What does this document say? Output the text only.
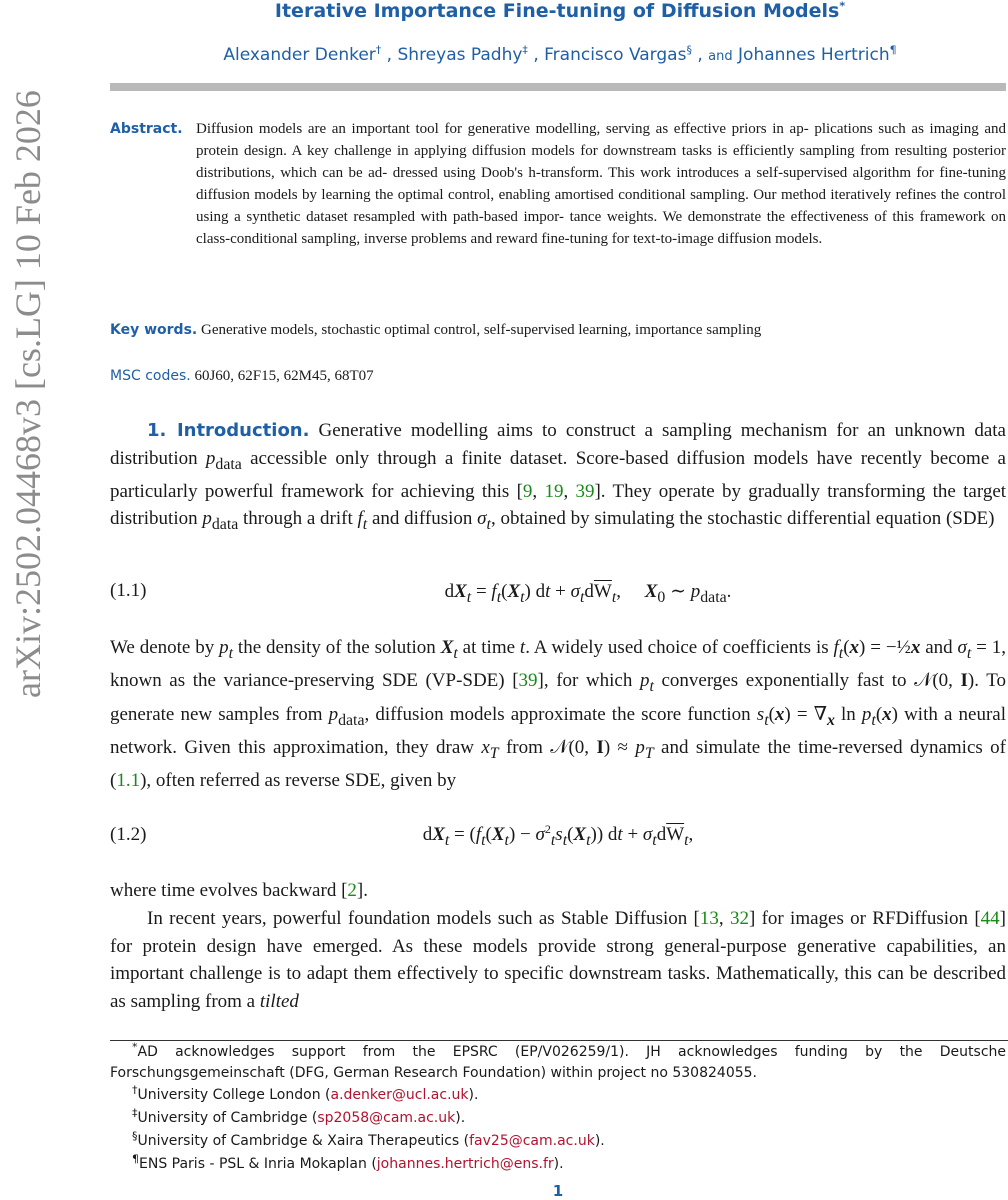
Iterative Importance Fine-tuning of Diffusion Models*
Alexander Denker† , Shreyas Padhy‡ , Francisco Vargas§ , and Johannes Hertrich¶
arXiv:2502.04468v3 [cs.LG] 10 Feb 2026	Abstract. Diffusion models are an important tool for generative modelling, serving as effective priors in ap- plications such as imaging and protein design. A key challenge in applying diffusion models for downstream tasks is efficiently sampling from resulting posterior distributions, which can be ad- dressed using Doob's h-transform. This work introduces a self-supervised algorithm for fine-tuning diffusion models by learning the optimal control, enabling amortised conditional sampling. Our method iteratively refines the control using a synthetic dataset resampled with path-based impor- tance weights. We demonstrate the effectiveness of this framework on class-conditional sampling, inverse problems and reward fine-tuning for text-to-image diffusion models.
Key words. Generative models, stochastic optimal control, self-supervised learning, importance sampling
MSC codes. 60J60, 62F15, 62M45, 68T07
1. Introduction. Generative modelling aims to construct a sampling mechanism for an unknown data distribution $p_{data}$ accessible only through a finite dataset. Score-based diffusion models have recently become a particularly powerful framework for achieving this [9, 19, 39]. They operate by gradually transforming the target distribution $p_{data}$ through a drift $f_t$ and diffusion $\sigma_t$, obtained by simulating the stochastic differential equation (SDE)
(1.1)	$dX_t = f_t(X_t)$ dt + $\sigma_td\overline{W}_t$,     $X_0$ ∼ $p_{data}$.
We denote by $p_t$ the density of the solution $X_t$ at time t. A widely used choice of coefficients is $f_t(x)$ = −½x and $\sigma_t = 1$, known as the variance-preserving SDE (VP-SDE) [39], for which $p_t$ converges exponentially fast to 𝒩(0, I). To generate new samples from $p_{data}$, diffusion models approximate the score function $s_t(x) = \nabla_x$ $\ln p_t(x)$ with a neural network. Given this approximation, they draw $x_T$ from 𝒩(0, $I) \approx p_T$ and simulate the time-reversed dynamics of (1.1), often referred as reverse SDE, given by
(1.2)	$dX_t = (f_t(X_t) - \sigma^2_ts_t(X_t))$ dt + $\sigma_td\overline{W}_t$,
where time evolves backward [2].
In recent years, powerful foundation models such as Stable Diffusion [13, 32] for images or RFDiffusion [44] for protein design have emerged. As these models provide strong general-purpose generative capabilities, an important challenge is to adapt them effectively to specific downstream tasks. Mathematically, this can be described as sampling from a tilted
*AD acknowledges support from the EPSRC (EP/V026259/1). JH acknowledges funding by the Deutsche Forschungsgemeinschaft (DFG, German Research Foundation) within project no 530824055.
†University College London (a.denker@ucl.ac.uk).
‡University of Cambridge (sp2058@cam.ac.uk).
§University of Cambridge & Xaira Therapeutics (fav25@cam.ac.uk).
¶ENS Paris - PSL & Inria Mokaplan (johannes.hertrich@ens.fr).
1
